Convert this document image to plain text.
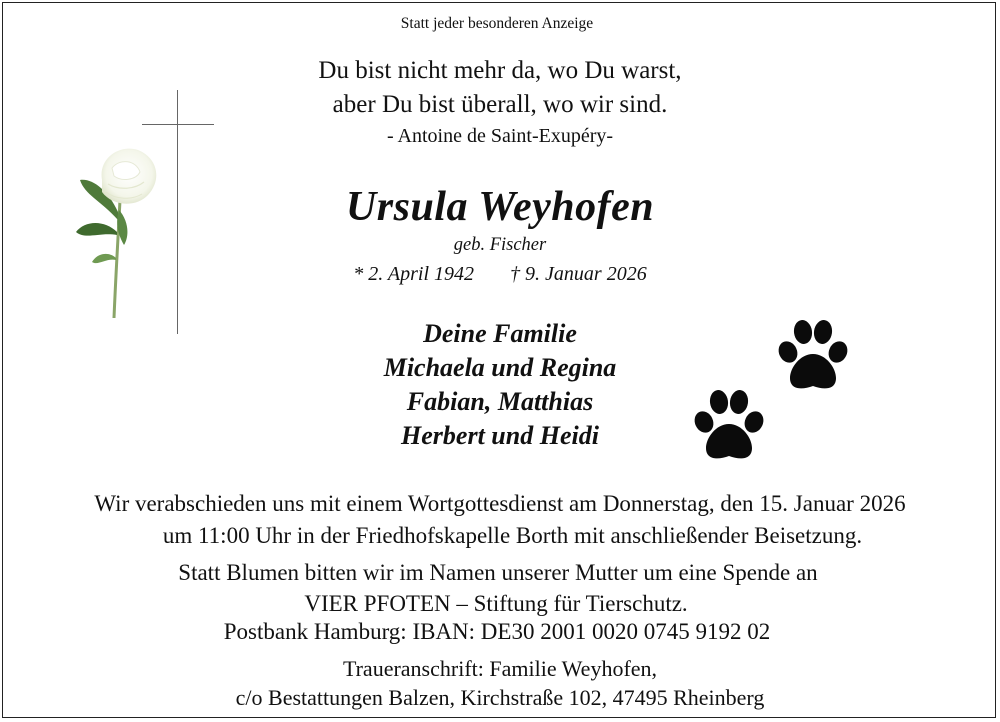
Statt jeder besonderen Anzeige
Du bist nicht mehr da, wo Du warst,
aber Du bist überall, wo wir sind.
- Antoine de Saint-Exupéry-
Ursula Weyhofen
geb. Fischer
* 2. April 1942 † 9. Januar 2026
Deine Familie
Michaela und Regina
Fabian, Matthias
Herbert und Heidi
Wir verabschieden uns mit einem Wortgottesdienst am Donnerstag, den 15. Januar 2026
um 11:00 Uhr in der Friedhofskapelle Borth mit anschließender Beisetzung.
Statt Blumen bitten wir im Namen unserer Mutter um eine Spende an
VIER PFOTEN – Stiftung für Tierschutz.
Postbank Hamburg: IBAN: DE30 2001 0020 0745 9192 02
Traueranschrift: Familie Weyhofen,
c/o Bestattungen Balzen, Kirchstraße 102, 47495 Rheinberg
